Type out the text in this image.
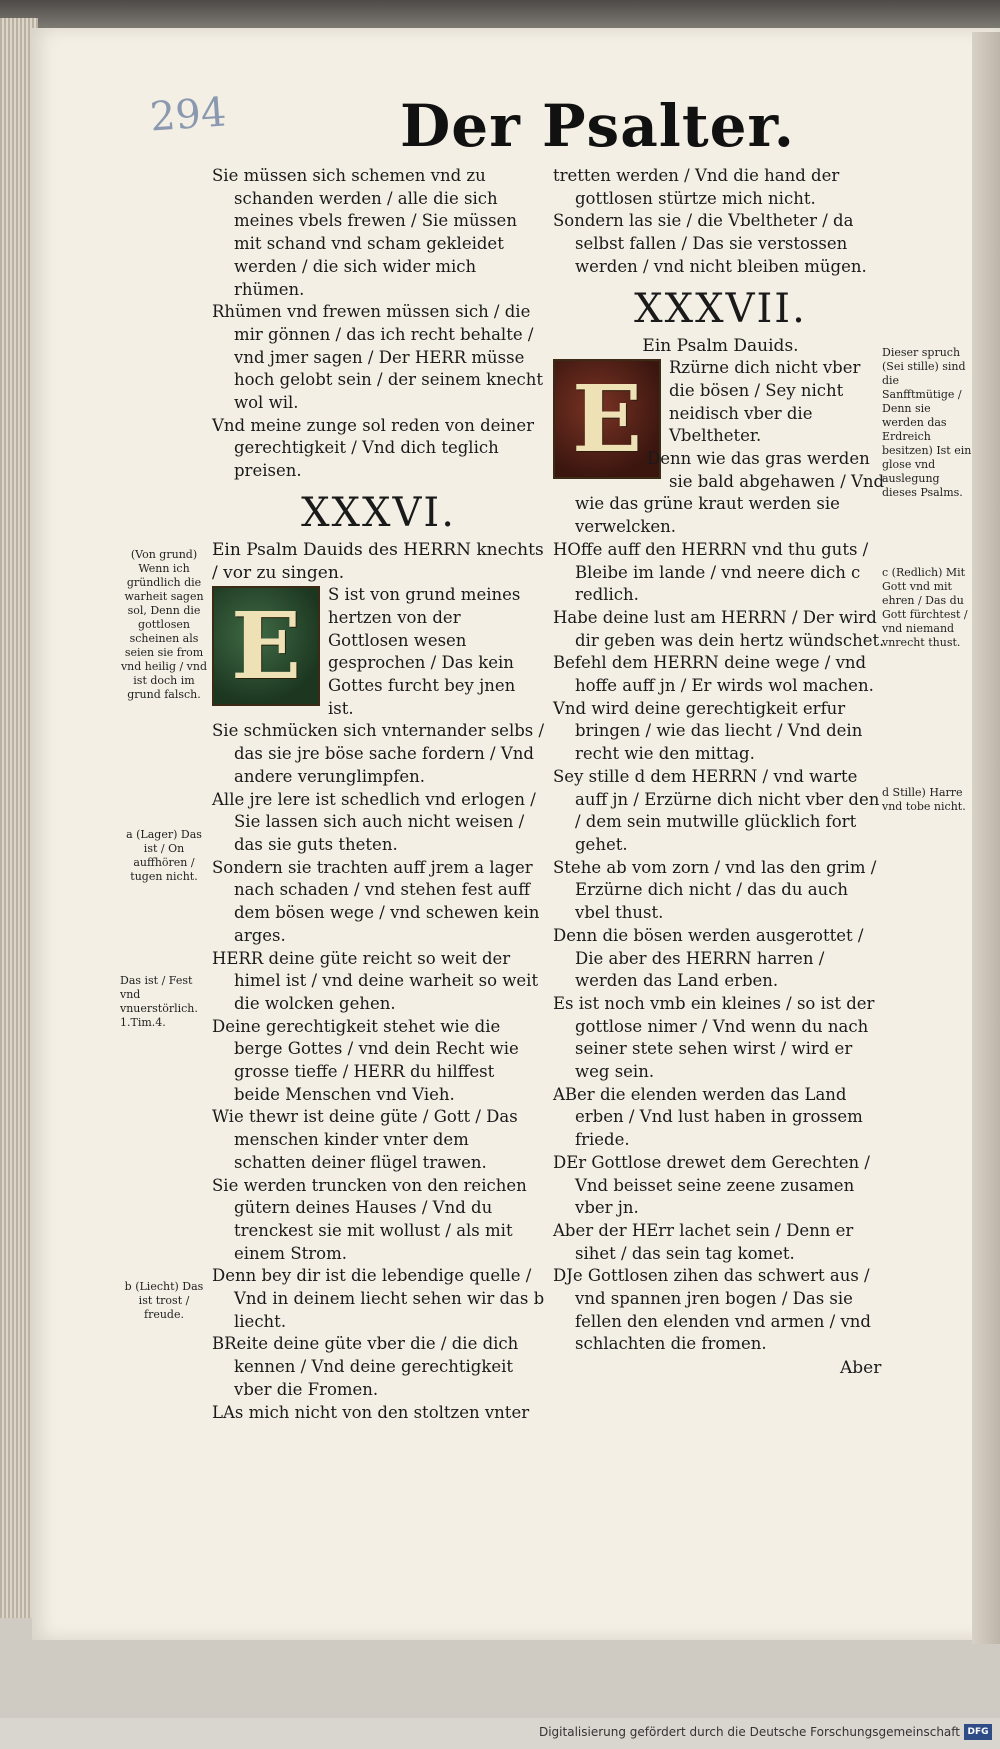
294	Der Psalter.

Sie müssen sich schemen vnd zu schanden werden / alle die sich meines vbels frewen / Sie müssen mit schand vnd scham gekleidet werden / die sich wider mich rhümen.

Rhümen vnd frewen müssen sich / die mir gönnen / das ich recht behalte / vnd jmer sagen / Der HERR müsse hoch gelobt sein / der seinem knecht wol wil.

Vnd meine zunge sol reden von deiner gerechtigkeit / Vnd dich teglich preisen.

XXXVI.

Ein Psalm Dauids des HERRN knechts / vor zu singen.

E	S ist von grund meines hertzen von der Gottlosen wesen gesprochen / Das kein Gottes furcht bey jnen ist.

Sie schmücken sich vnternander selbs / das sie jre böse sache fordern / Vnd andere verunglimpfen.

Alle jre lere ist schedlich vnd erlogen / Sie lassen sich auch nicht weisen / das sie guts theten.

Sondern sie trachten auff jrem a lager nach schaden / vnd stehen fest auff dem bösen wege / vnd schewen kein arges.

HERR deine güte reicht so weit der himel ist / vnd deine warheit so weit die wolcken gehen.

Deine gerechtigkeit stehet wie die berge Gottes / vnd dein Recht wie grosse tieffe / HERR du hilffest beide Menschen vnd Vieh.

Wie thewr ist deine güte / Gott / Das menschen kinder vnter dem schatten deiner flügel trawen.

Sie werden truncken von den reichen gütern deines Hauses / Vnd du trenckest sie mit wollust / als mit einem Strom.

Denn bey dir ist die lebendige quelle / Vnd in deinem liecht sehen wir das b liecht.

BReite deine güte vber die / die dich kennen / Vnd deine gerechtigkeit vber die Fromen.

LAs mich nicht von den stoltzen vnter

tretten werden / Vnd die hand der gottlosen stürtze mich nicht.

Sondern las sie / die Vbeltheter / da selbst fallen / Das sie verstossen werden / vnd nicht bleiben mügen.

XXXVII.

Ein Psalm Dauids.

E	Rzürne dich nicht vber die bösen / Sey nicht neidisch vber die Vbeltheter.

Denn wie das gras werden sie bald abgehawen / Vnd wie das grüne kraut werden sie verwelcken.

HOffe auff den HERRN vnd thu guts / Bleibe im lande / vnd neere dich c redlich.

Habe deine lust am HERRN / Der wird dir geben was dein hertz wündschet.

Befehl dem HERRN deine wege / vnd hoffe auff jn / Er wirds wol machen.

Vnd wird deine gerechtigkeit erfur bringen / wie das liecht / Vnd dein recht wie den mittag.

Sey stille d dem HERRN / vnd warte auff jn / Erzürne dich nicht vber den / dem sein mutwille glücklich fort gehet.

Stehe ab vom zorn / vnd las den grim / Erzürne dich nicht / das du auch vbel thust.

Denn die bösen werden ausgerottet / Die aber des HERRN harren / werden das Land erben.

Es ist noch vmb ein kleines / so ist der gottlose nimer / Vnd wenn du nach seiner stete sehen wirst / wird er weg sein.

ABer die elenden werden das Land erben / Vnd lust haben in grossem friede.

DEr Gottlose drewet dem Gerechten / Vnd beisset seine zeene zusamen vber jn.

Aber der HErr lachet sein / Denn er sihet / das sein tag komet.

DJe Gottlosen zihen das schwert aus / vnd spannen jren bogen / Das sie fellen den elenden vnd armen / vnd schlachten die fromen.

(Von grund) Wenn ich gründlich die warheit sagen sol, Denn die gottlosen scheinen als seien sie from vnd heilig / vnd ist doch im grund falsch.
a (Lager) Das ist / On auffhören / tugen nicht.
Das ist / Fest vnd vnuerstörlich. 1.Tim.4.
b (Liecht) Das ist trost / freude.
Dieser spruch (Sei stille) sind die Sanfftmütige / Denn sie werden das Erdreich besitzen) Ist ein glose vnd auslegung dieses Psalms.
c (Redlich) Mit Gott vnd mit ehren / Das du Gott fürchtest / vnd niemand vnrecht thust.
d Stille) Harre vnd tobe nicht.
Aber
Digitalisierung gefördert durch die Deutsche Forschungsgemeinschaft DFG
